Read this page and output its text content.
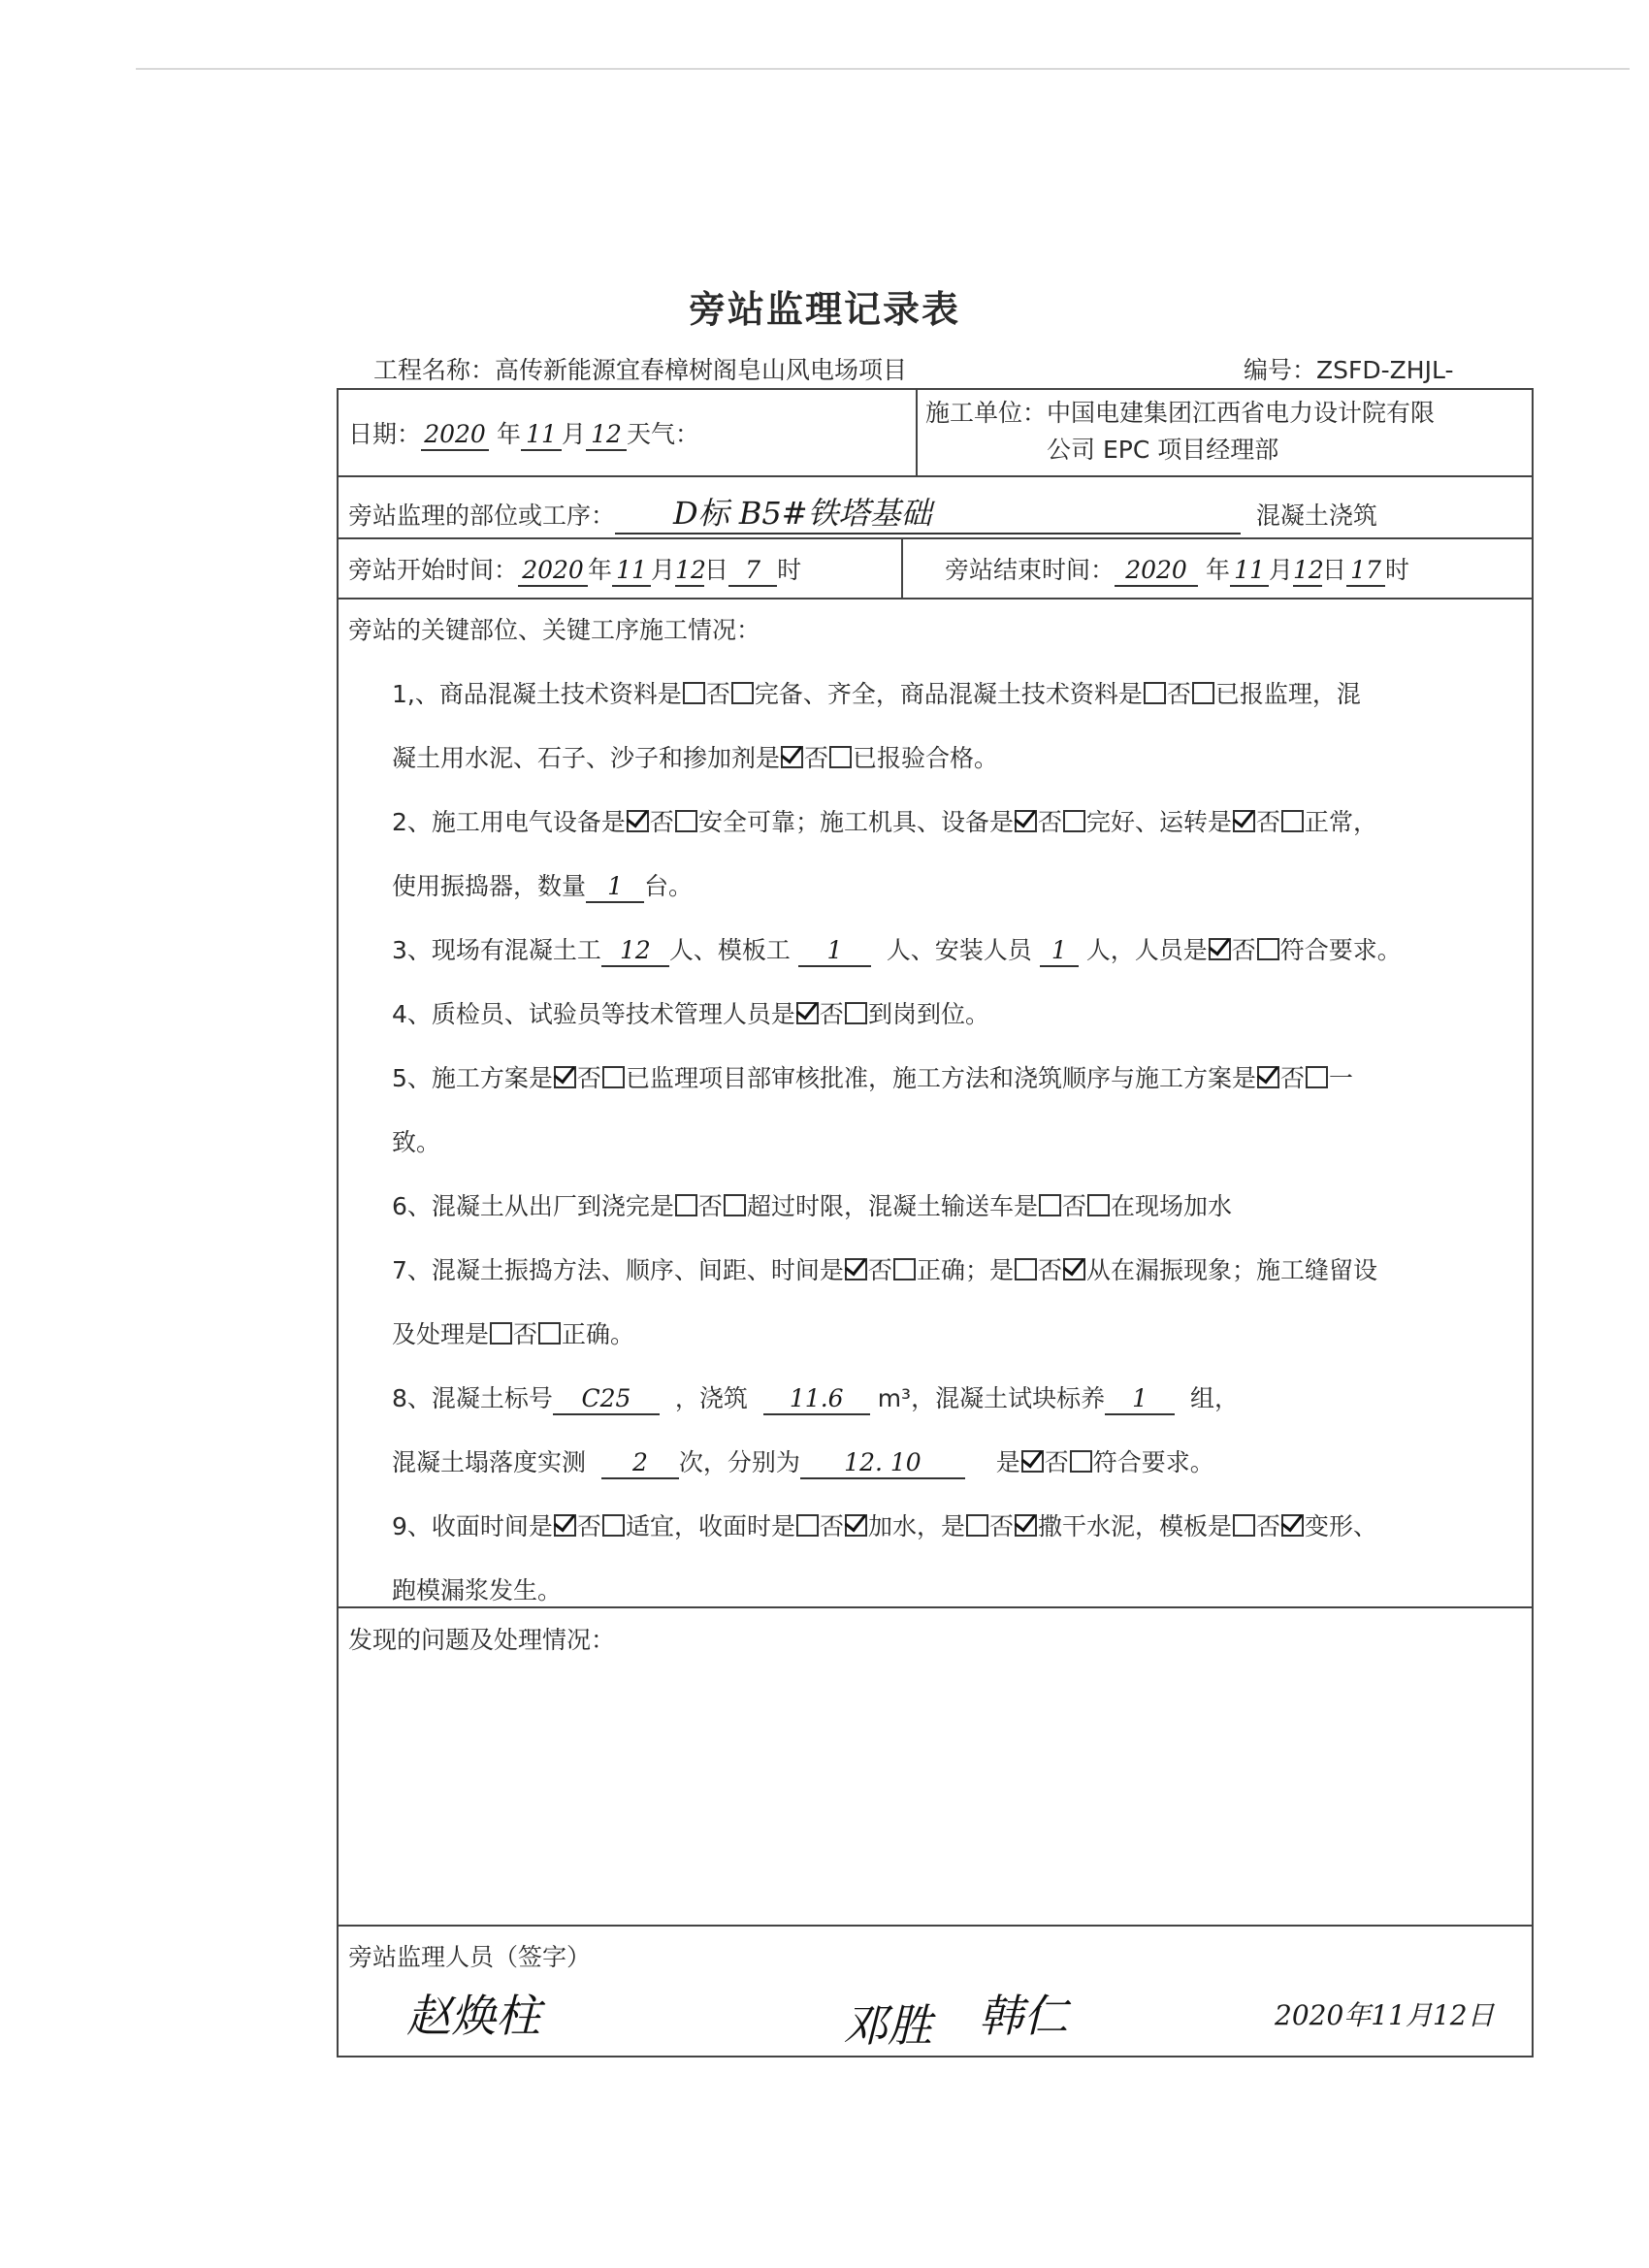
旁站监理记录表
工程名称：高传新能源宜春樟树阁皂山风电场项目	编号：ZSFD-ZHJL-
日期： 2020 年 11 月 12 天气：
施工单位：中国电建集团江西省电力设计院有限
公司 EPC 项目经理部
旁站监理的部位或工序： D标 B5#铁塔基础	混凝土浇筑
旁站开始时间： 2020 年 11 月12日 7 时	旁站结束时间： 2020 年 11 月12日 17 时
旁站的关键部位、关键工序施工情况：
1,、商品混凝土技术资料是 否 完备、齐全，商品混凝土技术资料是 否 已报监理，混
凝土用水泥、石子、沙子和掺加剂是 否 已报验合格。
2、施工用电气设备是 否 安全可靠；施工机具、设备是 否 完好、运转是 否 正常，
使用振捣器，数量 1 台。
3、现场有混凝土工 12 人、模板工 1 人、安装人员 1 人，人员是 否 符合要求。
4、质检员、试验员等技术管理人员是 否 到岗到位。
5、施工方案是 否 已监理项目部审核批准，施工方法和浇筑顺序与施工方案是 否 一
致。
6、混凝土从出厂到浇完是 否 超过时限，混凝土输送车是 否 在现场加水
7、混凝土振捣方法、顺序、间距、时间是 否 正确；是 否 从在漏振现象；施工缝留设
及处理是 否 正确。
8、混凝土标号 C25 ，浇筑 11.6 m³，混凝土试块标养 1 组，
混凝土塌落度实测 2 次，分别为 12. 10	是 否 符合要求。
9、收面时间是 否 适宜，收面时是 否 加水，是 否 撒干水泥，模板是 否 变形、
跑模漏浆发生。
发现的问题及处理情况：
旁站监理人员（签字）
赵焕柱	邓胜 韩仁	2020年11月12日
